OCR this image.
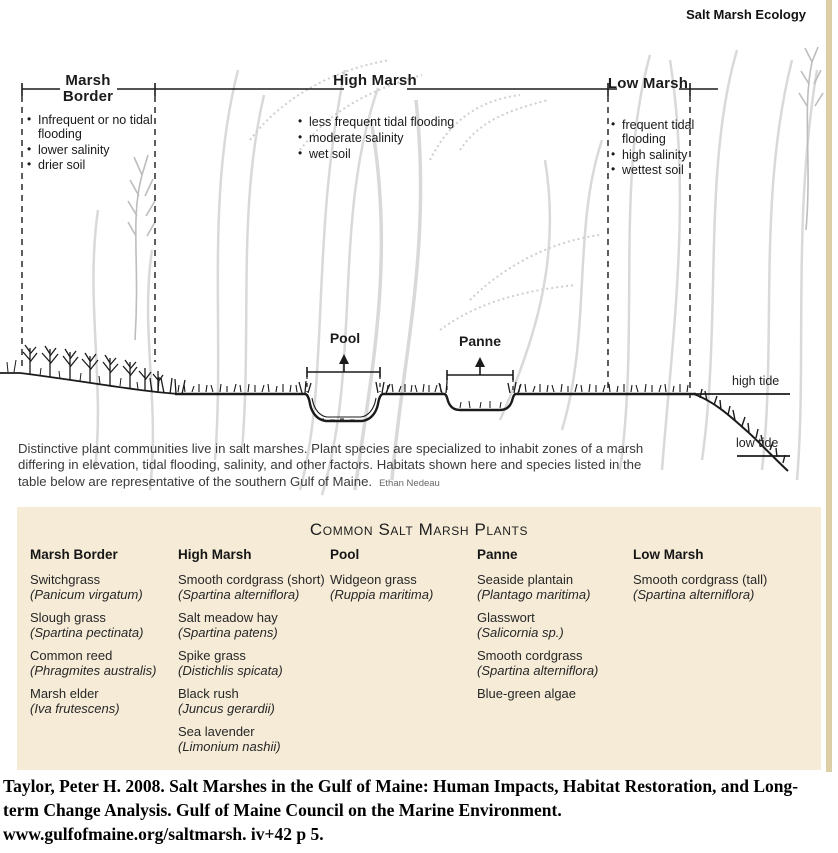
Salt Marsh Ecology
Marsh Border
High Marsh	Low Marsh
• Infrequent or no tidal flooding
• lower salinity
• drier soil
• less frequent tidal flooding
• moderate salinity
• wet soil
• frequent tidal flooding
• high salinity
• wettest soil
Pool	Panne
high tide
low tide
Distinctive plant communities live in salt marshes. Plant species are specialized to inhabit zones of a marsh differing in elevation, tidal flooding, salinity, and other factors. Habitats shown here and species listed in the table below are representative of the southern Gulf of Maine. Ethan Nedeau
Common Salt Marsh Plants
Marsh Border
Switchgrass
(Panicum virgatum)
Slough grass
(Spartina pectinata)
Common reed
(Phragmites australis)
Marsh elder
(Iva frutescens)
High Marsh
Smooth cordgrass (short)
(Spartina alterniflora)
Salt meadow hay
(Spartina patens)
Spike grass
(Distichlis spicata)
Black rush
(Juncus gerardii)
Sea lavender
(Limonium nashii)
Pool
Widgeon grass
(Ruppia maritima)
Panne
Seaside plantain
(Plantago maritima)
Glasswort
(Salicornia sp.)
Smooth cordgrass
(Spartina alterniflora)
Blue-green algae
Low Marsh
Smooth cordgrass (tall)
(Spartina alterniflora)
Taylor, Peter H. 2008. Salt Marshes in the Gulf of Maine: Human Impacts, Habitat Restoration, and Long-term Change Analysis. Gulf of Maine Council on the Marine Environment. www.gulfofmaine.org/saltmarsh. iv+42 p 5.
